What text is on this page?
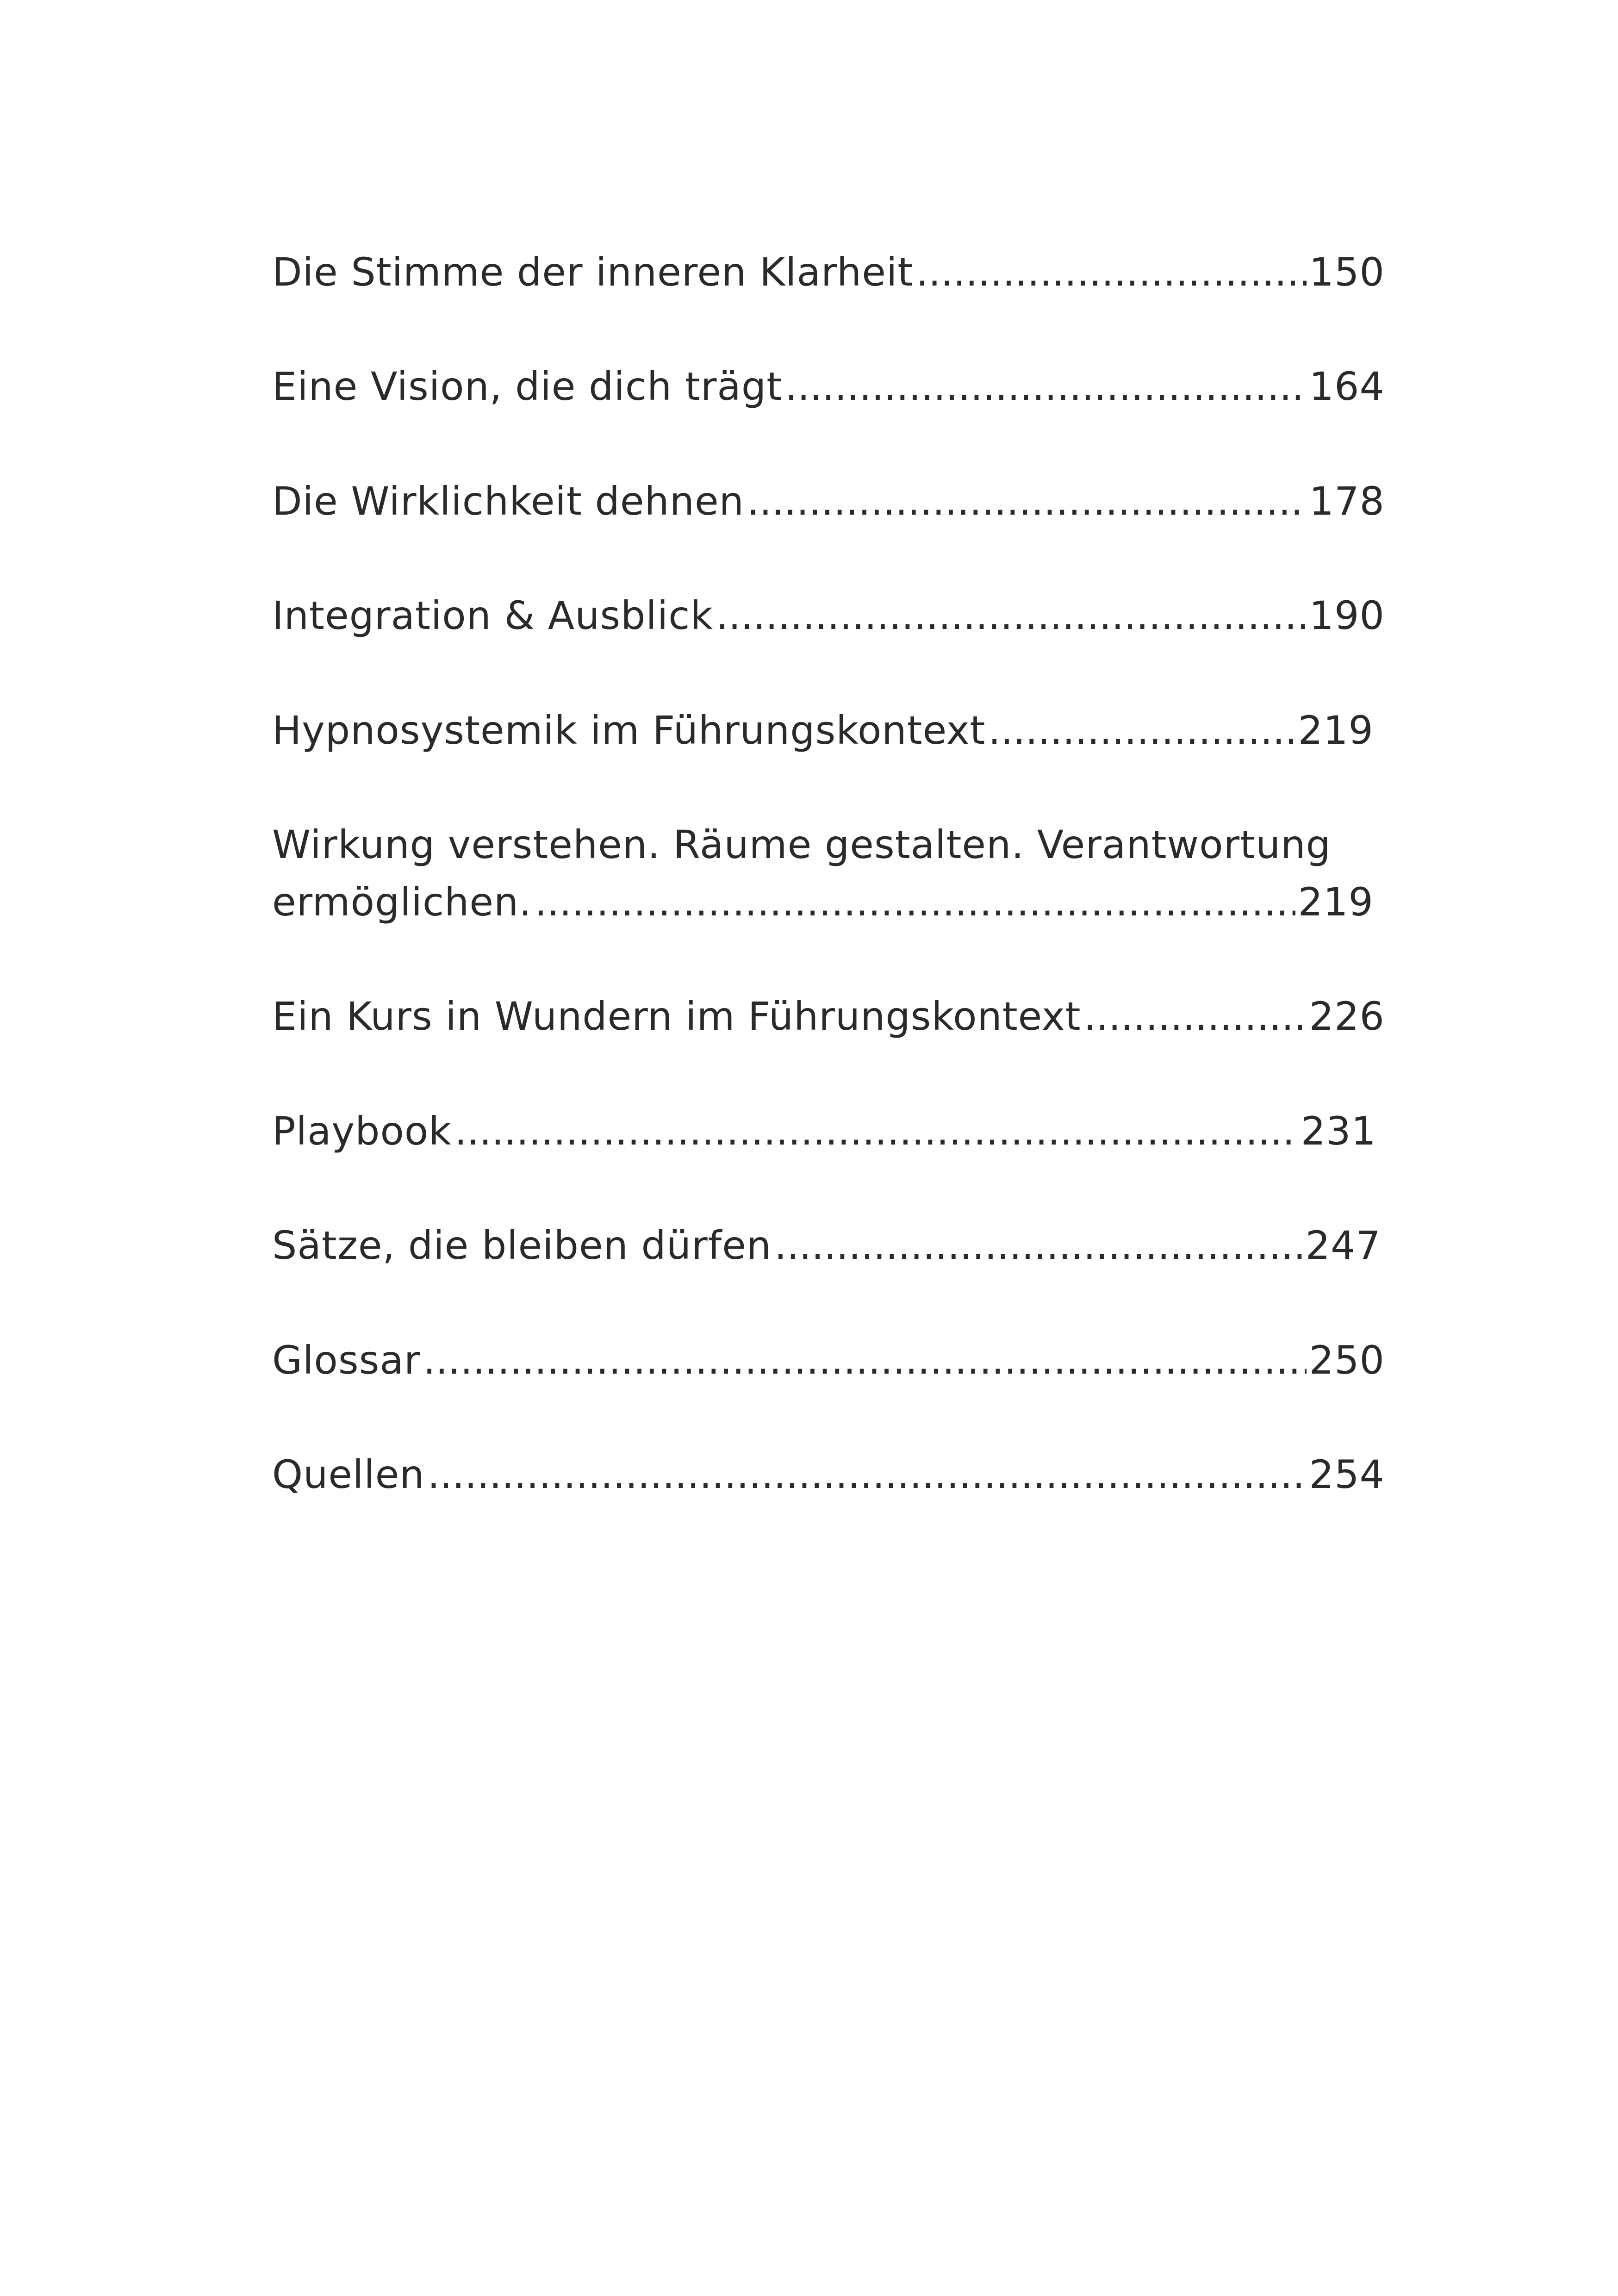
Die Stimme der inneren Klarheit .....	150
Eine Vision, die dich trägt .....	164
Die Wirklichkeit dehnen .....	178
Integration & Ausblick .....	190
Hypnosystemik im Führungskontext .....	219
Wirkung verstehen. Räume gestalten. Verantwortung
ermöglichen. .....	219
Ein Kurs in Wundern im Führungskontext .....	226
Playbook .....	231
Sätze, die bleiben dürfen .....	247
Glossar .....	250
Quellen .....	254
